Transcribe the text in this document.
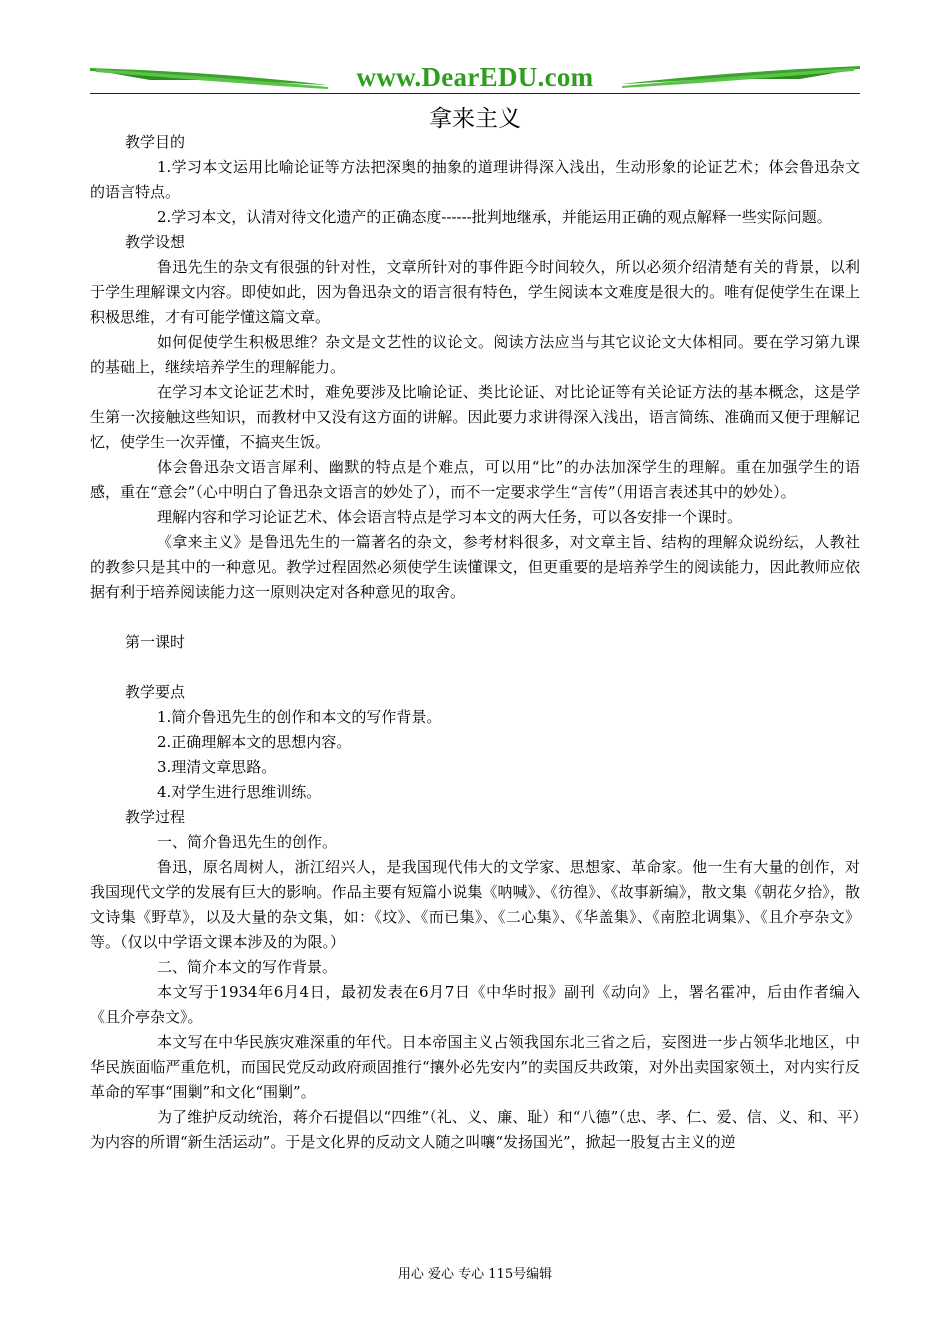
www.DearEDU.com
拿来主义

教学目的

1.学习本文运用比喻论证等方法把深奥的抽象的道理讲得深入浅出，生动形象的论证艺术；体会鲁迅杂文的语言特点。

2.学习本文，认清对待文化遗产的正确态度------批判地继承，并能运用正确的观点解释一些实际问题。

教学设想

鲁迅先生的杂文有很强的针对性，文章所针对的事件距今时间较久，所以必须介绍清楚有关的背景，以利于学生理解课文内容。即使如此，因为鲁迅杂文的语言很有特色，学生阅读本文难度是很大的。唯有促使学生在课上积极思维，才有可能学懂这篇文章。

如何促使学生积极思维？杂文是文艺性的议论文。阅读方法应当与其它议论文大体相同。要在学习第九课的基础上，继续培养学生的理解能力。

在学习本文论证艺术时，难免要涉及比喻论证、类比论证、对比论证等有关论证方法的基本概念，这是学生第一次接触这些知识，而教材中又没有这方面的讲解。因此要力求讲得深入浅出，语言简练、准确而又便于理解记忆，使学生一次弄懂，不搞夹生饭。

体会鲁迅杂文语言犀利、幽默的特点是个难点，可以用“比”的办法加深学生的理解。重在加强学生的语感，重在“意会”（心中明白了鲁迅杂文语言的妙处了），而不一定要求学生“言传”（用语言表述其中的妙处）。

理解内容和学习论证艺术、体会语言特点是学习本文的两大任务，可以各安排一个课时。

《拿来主义》是鲁迅先生的一篇著名的杂文，参考材料很多，对文章主旨、结构的理解众说纷纭，人教社的教参只是其中的一种意见。教学过程固然必须使学生读懂课文，但更重要的是培养学生的阅读能力，因此教师应依据有利于培养阅读能力这一原则决定对各种意见的取舍。

第一课时

教学要点

1.简介鲁迅先生的创作和本文的写作背景。

2.正确理解本文的思想内容。

3.理清文章思路。

4.对学生进行思维训练。

教学过程

一、简介鲁迅先生的创作。

鲁迅，原名周树人，浙江绍兴人，是我国现代伟大的文学家、思想家、革命家。他一生有大量的创作，对我国现代文学的发展有巨大的影响。作品主要有短篇小说集《呐喊》、《彷徨》、《故事新编》，散文集《朝花夕拾》，散文诗集《野草》，以及大量的杂文集，如：《坟》、《而已集》、《二心集》、《华盖集》、《南腔北调集》、《且介亭杂文》等。（仅以中学语文课本涉及的为限。）

二、简介本文的写作背景。

本文写于1934年6月4日，最初发表在6月7日《中华时报》副刊《动向》上，署名霍冲，后由作者编入《且介亭杂文》。

本文写在中华民族灾难深重的年代。日本帝国主义占领我国东北三省之后，妄图进一步占领华北地区，中华民族面临严重危机，而国民党反动政府顽固推行“攘外必先安内”的卖国反共政策，对外出卖国家领土，对内实行反革命的军事“围剿”和文化“围剿”。

为了维护反动统治，蒋介石提倡以“四维”（礼、义、廉、耻）和“八德”（忠、孝、仁、爱、信、义、和、平）为内容的所谓“新生活运动”。于是文化界的反动文人随之叫嚷“发扬国光”，掀起一股复古主义的逆

用心 爱心 专心 115号编辑
